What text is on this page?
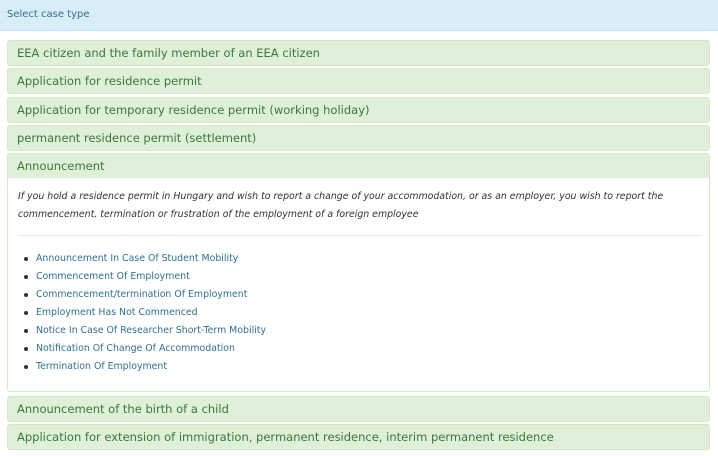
Select case type
EEA citizen and the family member of an EEA citizen
Application for residence permit
Application for temporary residence permit (working holiday)
permanent residence permit (settlement)
Announcement
If you hold a residence permit in Hungary and wish to report a change of your accommodation, or as an employer, you wish to report the commencement, termination or frustration of the employment of a foreign employee
Announcement In Case Of Student Mobility
Commencement Of Employment
Commencement/termination Of Employment
Employment Has Not Commenced
Notice In Case Of Researcher Short-Term Mobility
Notification Of Change Of Accommodation
Termination Of Employment
Announcement of the birth of a child
Application for extension of immigration, permanent residence, interim permanent residence
